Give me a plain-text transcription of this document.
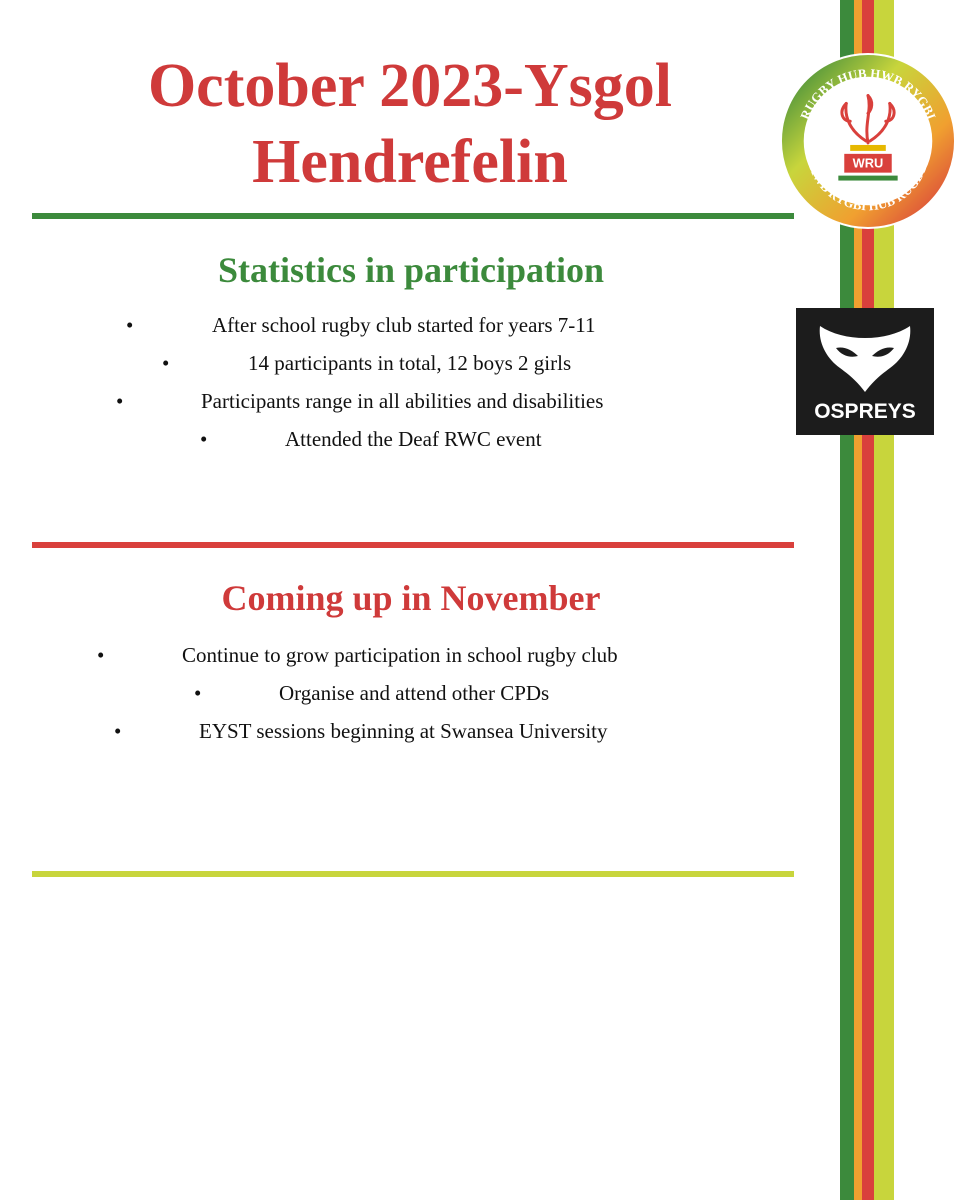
October 2023-Ysgol
Hendrefelin
Statistics in participation
•	After school rugby club started for years 7-11
•	14 participants in total, 12 boys 2 girls
•	Participants range in all abilities and disabilities
•	Attended the Deaf RWC event
Coming up in November
•	Continue to grow participation in school rugby club
•	Organise and attend other CPDs
•	EYST sessions beginning at Swansea University
RUGBY HUB HWB RYGBI
HWB RYGBI HUB RUGBY
WRU
OSPREYS
